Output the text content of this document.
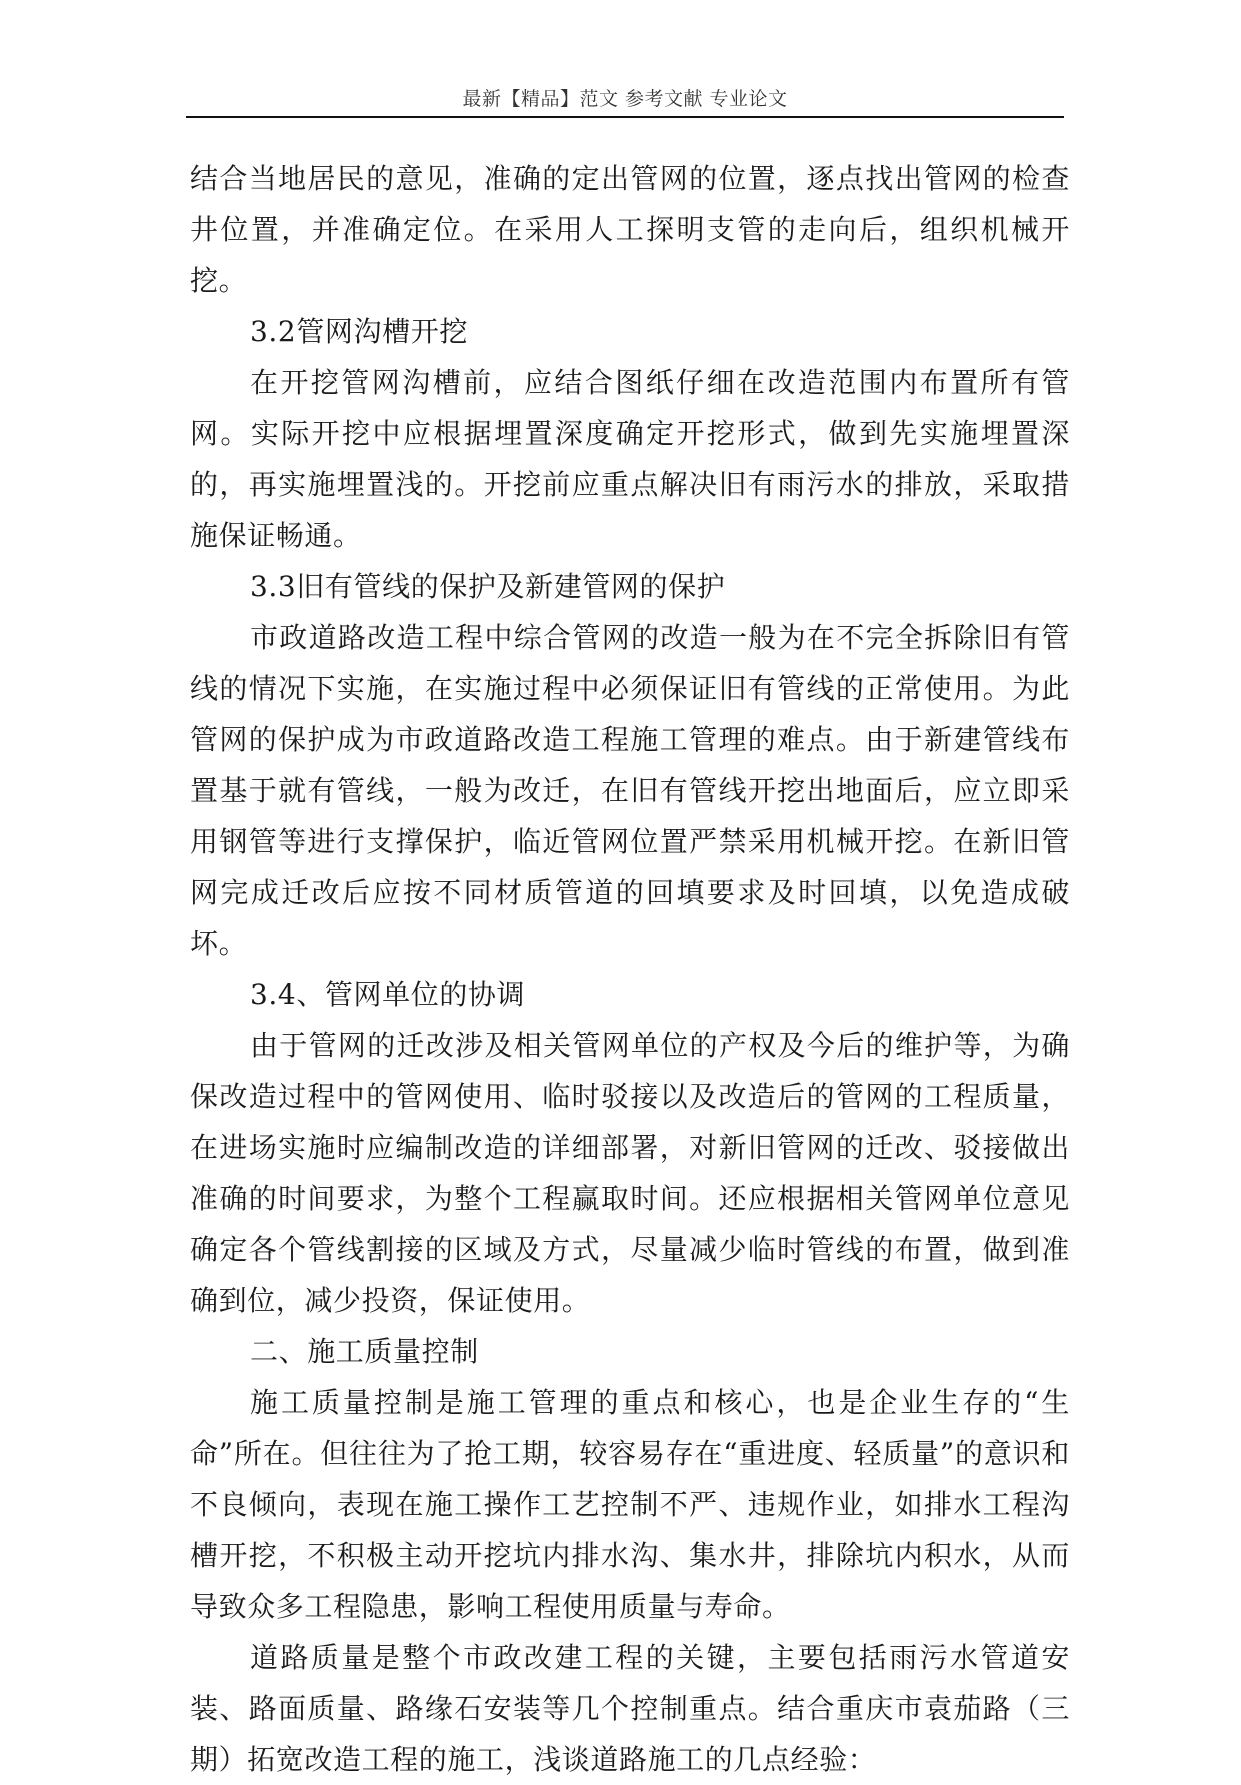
最新【精品】范文 参考文献 专业论文

结合当地居民的意见，准确的定出管网的位置，逐点找出管网的检查井位置，并准确定位。在采用人工探明支管的走向后，组织机械开挖。

3.2管网沟槽开挖

在开挖管网沟槽前，应结合图纸仔细在改造范围内布置所有管网。实际开挖中应根据埋置深度确定开挖形式，做到先实施埋置深的，再实施埋置浅的。开挖前应重点解决旧有雨污水的排放，采取措施保证畅通。

3.3旧有管线的保护及新建管网的保护

市政道路改造工程中综合管网的改造一般为在不完全拆除旧有管线的情况下实施，在实施过程中必须保证旧有管线的正常使用。为此管网的保护成为市政道路改造工程施工管理的难点。由于新建管线布置基于就有管线，一般为改迁，在旧有管线开挖出地面后，应立即采用钢管等进行支撑保护，临近管网位置严禁采用机械开挖。在新旧管网完成迁改后应按不同材质管道的回填要求及时回填，以免造成破坏。

3.4、管网单位的协调

由于管网的迁改涉及相关管网单位的产权及今后的维护等，为确保改造过程中的管网使用、临时驳接以及改造后的管网的工程质量，在进场实施时应编制改造的详细部署，对新旧管网的迁改、驳接做出准确的时间要求，为整个工程赢取时间。还应根据相关管网单位意见确定各个管线割接的区域及方式，尽量减少临时管线的布置，做到准确到位，减少投资，保证使用。

二、施工质量控制

施工质量控制是施工管理的重点和核心，也是企业生存的“生命”所在。但往往为了抢工期，较容易存在“重进度、轻质量”的意识和不良倾向，表现在施工操作工艺控制不严、违规作业，如排水工程沟槽开挖，不积极主动开挖坑内排水沟、集水井，排除坑内积水，从而导致众多工程隐患，影响工程使用质量与寿命。

道路质量是整个市政改建工程的关键，主要包括雨污水管道安装、路面质量、路缘石安装等几个控制重点。结合重庆市袁茄路（三期）拓宽改造工程的施工，浅谈道路施工的几点经验：
